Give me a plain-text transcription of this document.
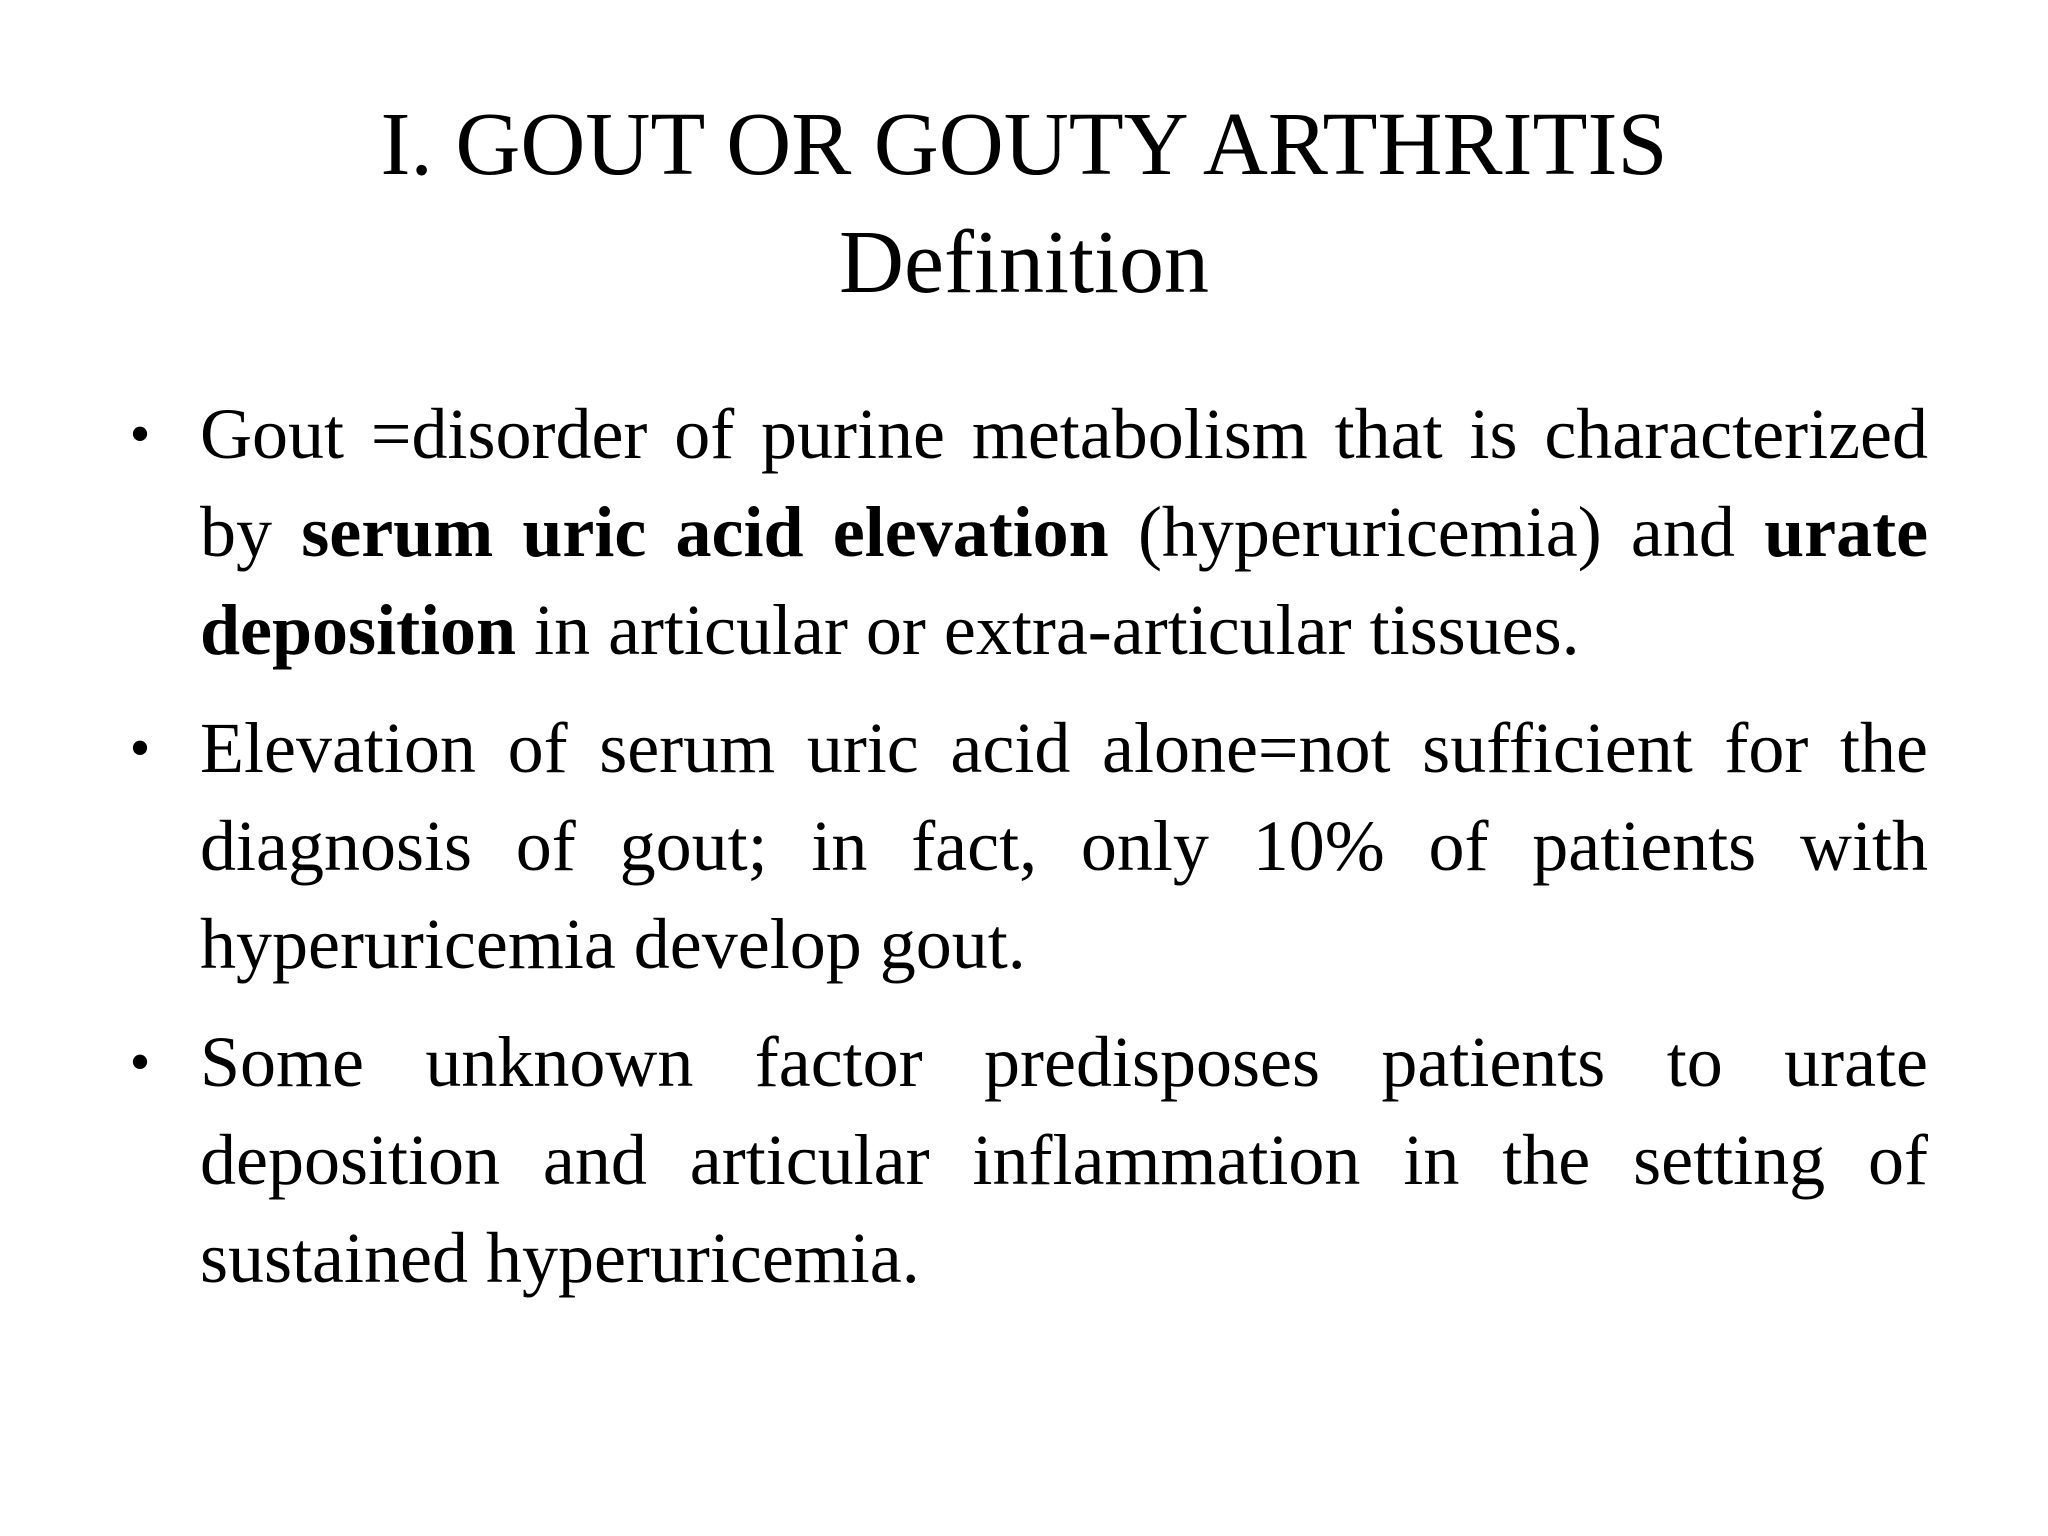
I. GOUT OR GOUTY ARTHRITIS
Definition
• Gout =disorder of purine metabolism that is characterized by serum uric acid elevation (hyperuricemia) and urate deposition in articular or extra-articular tissues.
• Elevation of serum uric acid alone=not sufficient for the diagnosis of gout; in fact, only 10% of patients with hyperuricemia develop gout.
• Some unknown factor predisposes patients to urate deposition and articular inflammation in the setting of sustained hyperuricemia.
